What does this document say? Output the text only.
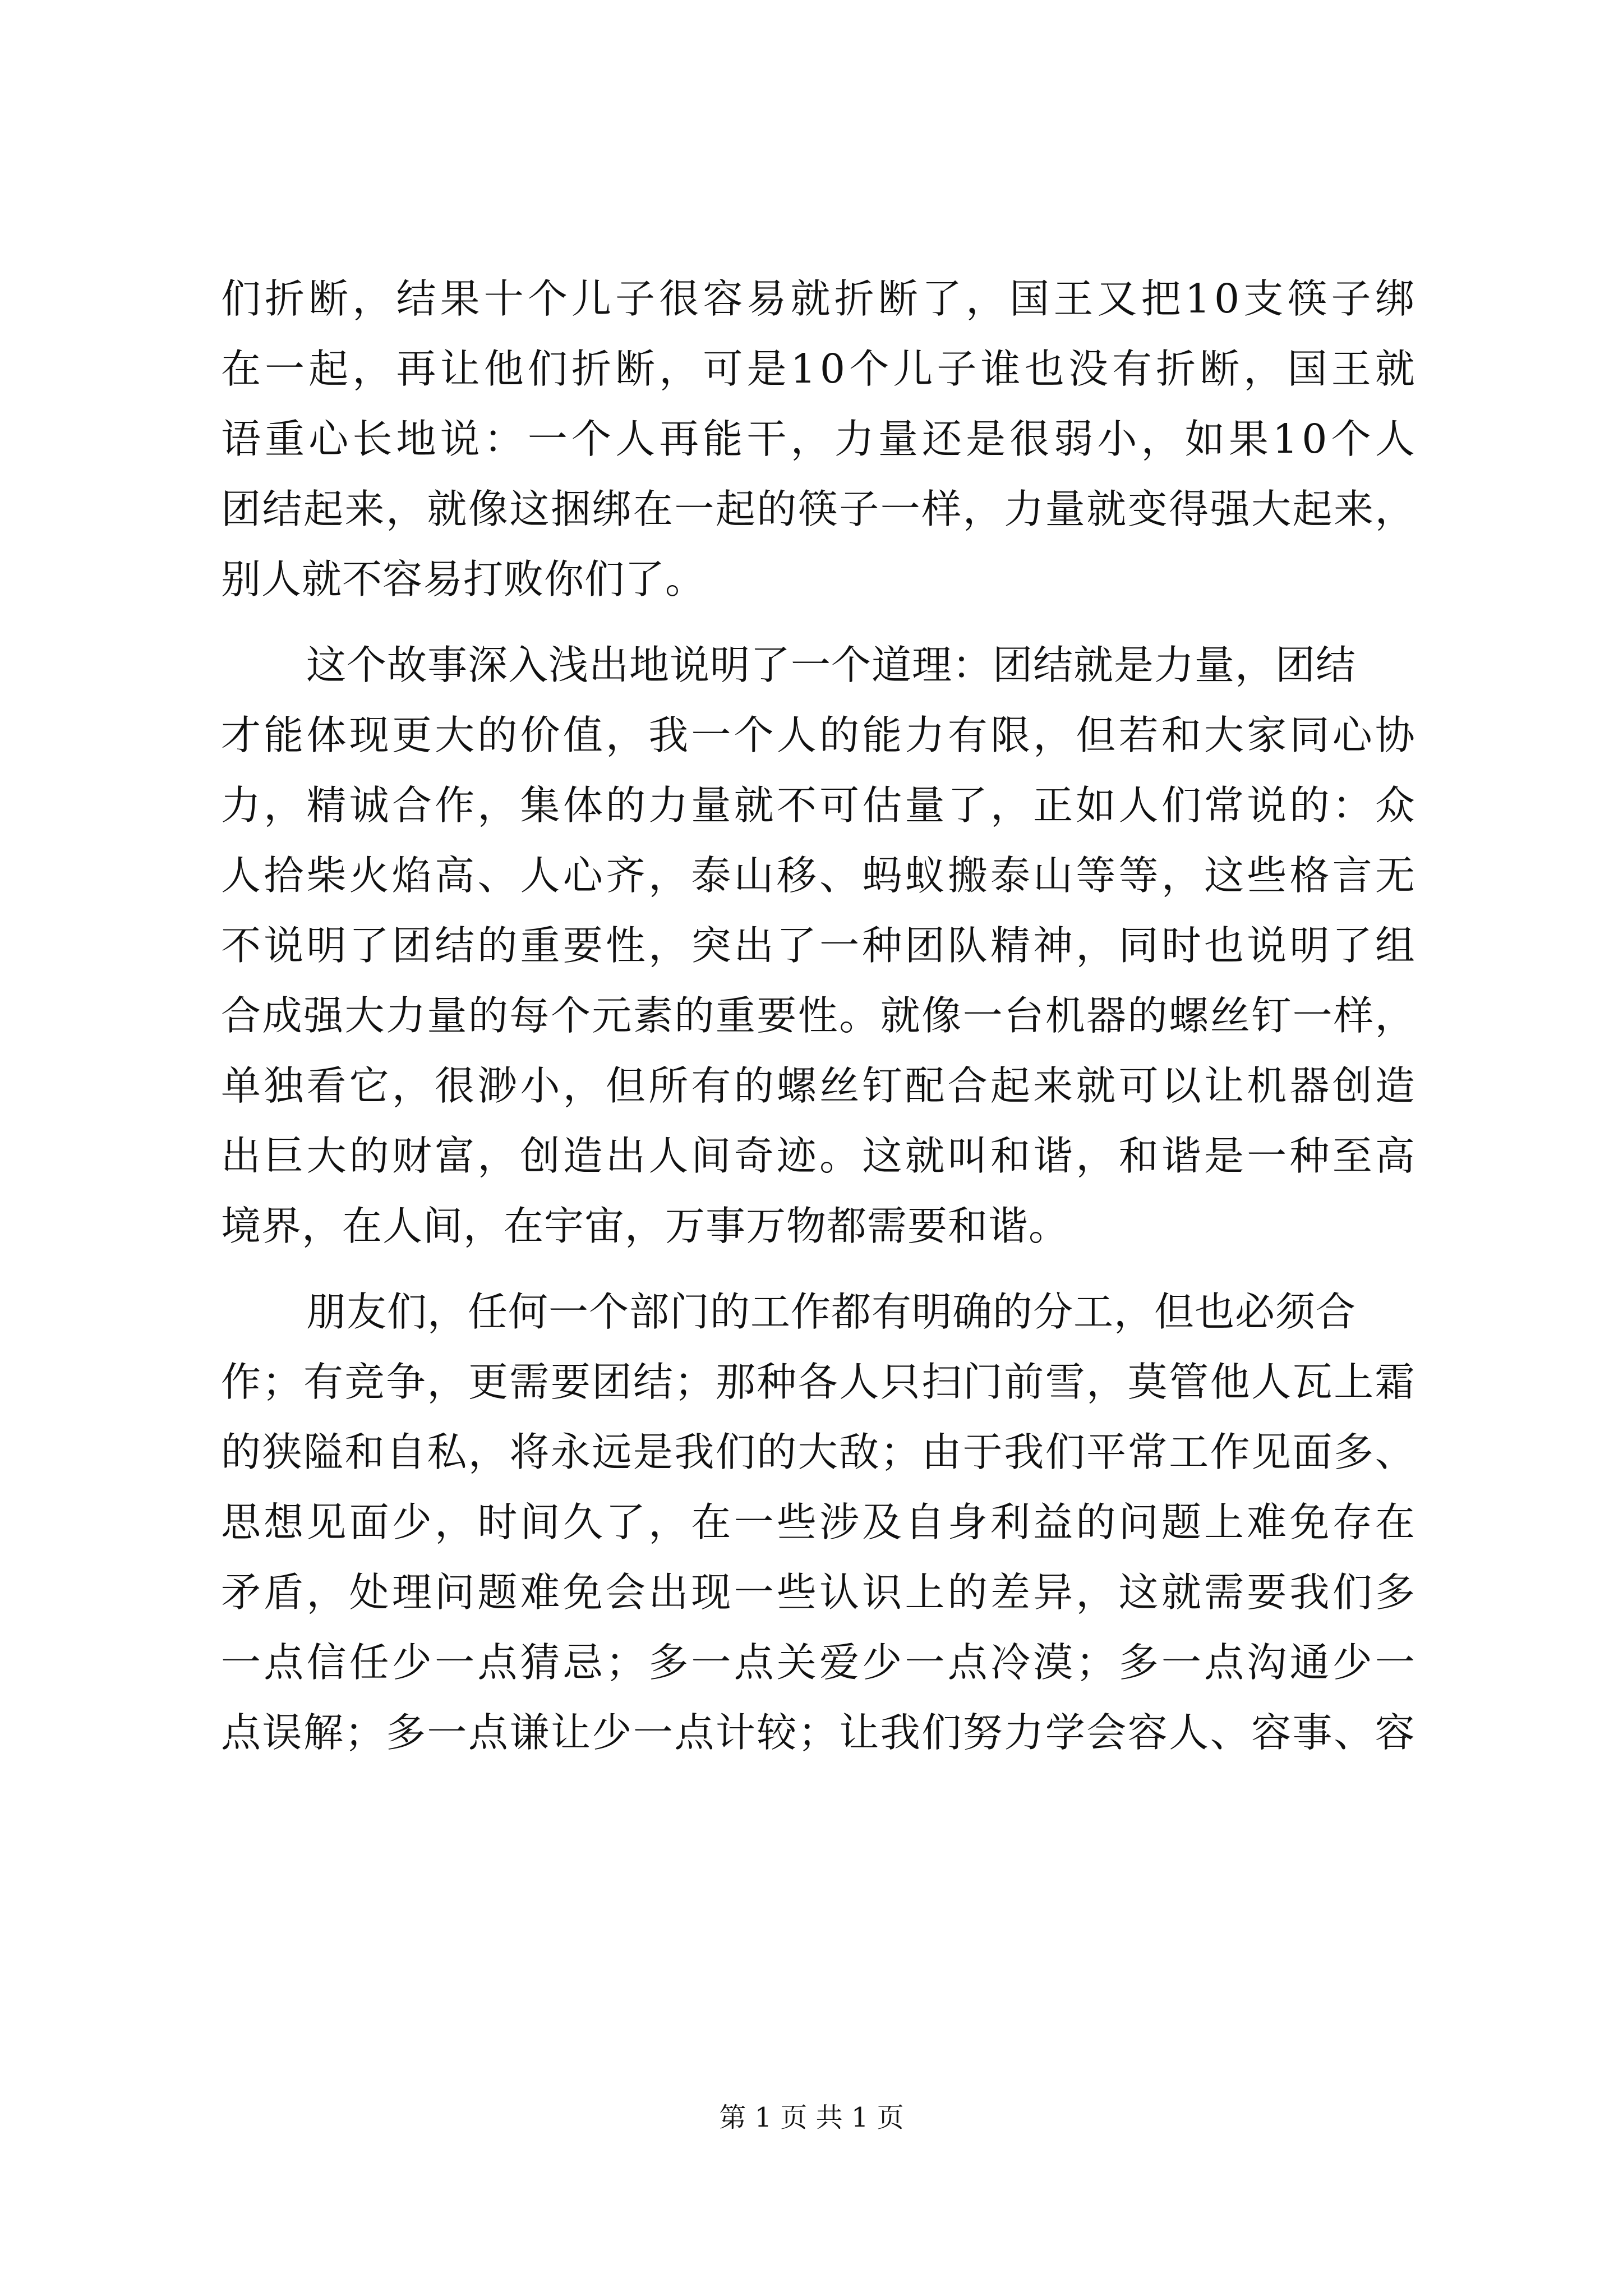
们 折 断 ， 结 果 十 个 儿 子 很 容 易 就 折 断 了 ， 国 王 又 把 1 0 支 筷 子 绑
在 一 起 ， 再 让 他 们 折 断 ， 可 是 1 0 个 儿 子 谁 也 没 有 折 断 ， 国 王 就
语 重 心 长 地 说 ： 一 个 人 再 能 干 ， 力 量 还 是 很 弱 小 ， 如 果 1 0 个 人
团 结 起 来 ， 就 像 这 捆 绑 在 一 起 的 筷 子 一 样 ， 力 量 就 变 得 强 大 起 来 ，
别人就不容易打败你们了。
这个故事深入浅出地说明了一个道理：团结就是力量，团结
才 能 体 现 更 大 的 价 值 ， 我 一 个 人 的 能 力 有 限 ， 但 若 和 大 家 同 心 协
力 ， 精 诚 合 作 ， 集 体 的 力 量 就 不 可 估 量 了 ， 正 如 人 们 常 说 的 ： 众
人 拾 柴 火 焰 高 、 人 心 齐 ， 泰 山 移 、 蚂 蚁 搬 泰 山 等 等 ， 这 些 格 言 无
不 说 明 了 团 结 的 重 要 性 ， 突 出 了 一 种 团 队 精 神 ， 同 时 也 说 明 了 组
合 成 强 大 力 量 的 每 个 元 素 的 重 要 性 。 就 像 一 台 机 器 的 螺 丝 钉 一 样 ，
单 独 看 它 ， 很 渺 小 ， 但 所 有 的 螺 丝 钉 配 合 起 来 就 可 以 让 机 器 创 造
出 巨 大 的 财 富 ， 创 造 出 人 间 奇 迹 。 这 就 叫 和 谐 ， 和 谐 是 一 种 至 高
境界，在人间，在宇宙，万事万物都需要和谐。
朋友们，任何一个部门的工作都有明确的分工，但也必须合
作 ； 有 竞 争 ， 更 需 要 团 结 ； 那 种 各 人 只 扫 门 前 雪 ， 莫 管 他 人 瓦 上 霜
的 狭 隘 和 自 私 ， 将 永 远 是 我 们 的 大 敌 ； 由 于 我 们 平 常 工 作 见 面 多 、
思 想 见 面 少 ， 时 间 久 了 ， 在 一 些 涉 及 自 身 利 益 的 问 题 上 难 免 存 在
矛 盾 ， 处 理 问 题 难 免 会 出 现 一 些 认 识 上 的 差 异 ， 这 就 需 要 我 们 多
一 点 信 任 少 一 点 猜 忌 ； 多 一 点 关 爱 少 一 点 冷 漠 ； 多 一 点 沟 通 少 一
点 误 解 ； 多 一 点 谦 让 少 一 点 计 较 ； 让 我 们 努 力 学 会 容 人 、 容 事 、 容
第 1 页 共 1 页
